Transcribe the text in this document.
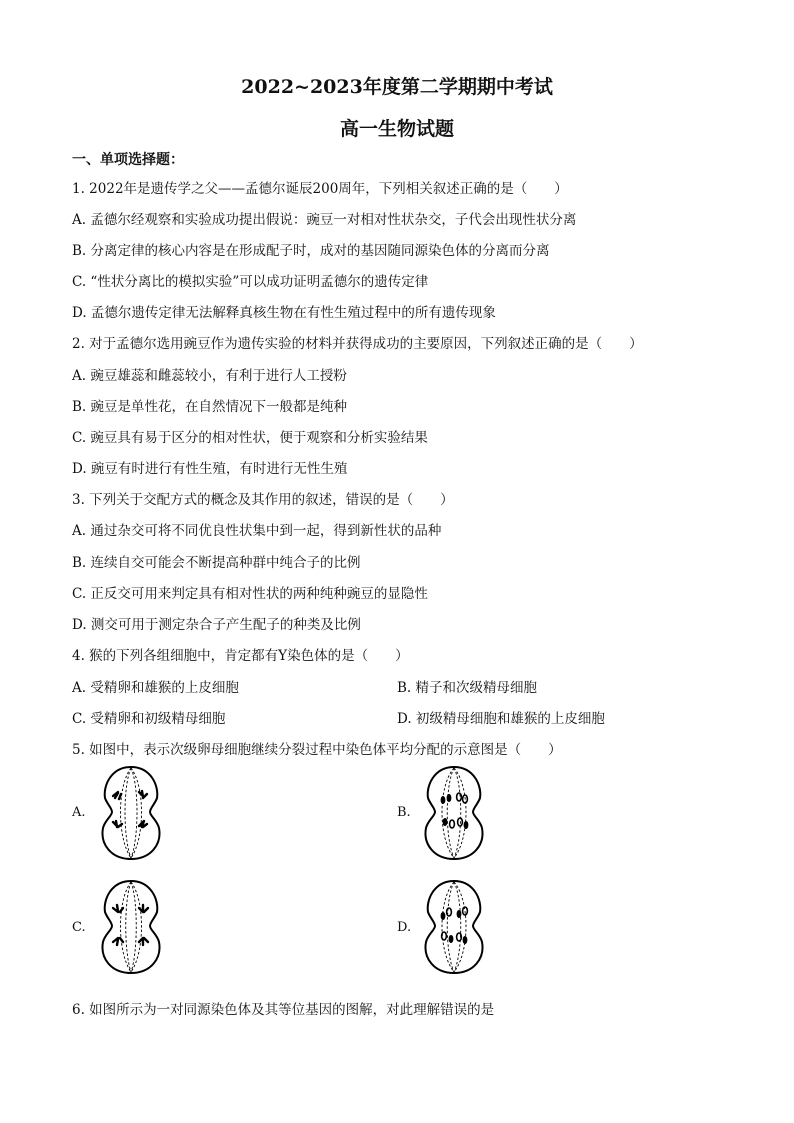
2022~2023年度第二学期期中考试
高一生物试题
一、单项选择题：
1. 2022年是遗传学之父——孟德尔诞辰200周年，下列相关叙述正确的是（　　）
A. 孟德尔经观察和实验成功提出假说：豌豆一对相对性状杂交，子代会出现性状分离
B. 分离定律的核心内容是在形成配子时，成对的基因随同源染色体的分离而分离
C. “性状分离比的模拟实验”可以成功证明孟德尔的遗传定律
D. 孟德尔遗传定律无法解释真核生物在有性生殖过程中的所有遗传现象
2. 对于孟德尔选用豌豆作为遗传实验的材料并获得成功的主要原因，下列叙述正确的是（　　）
A. 豌豆雄蕊和雌蕊较小，有利于进行人工授粉
B. 豌豆是单性花，在自然情况下一般都是纯种
C. 豌豆具有易于区分的相对性状，便于观察和分析实验结果
D. 豌豆有时进行有性生殖，有时进行无性生殖
3. 下列关于交配方式的概念及其作用的叙述，错误的是（　　）
A. 通过杂交可将不同优良性状集中到一起，得到新性状的品种
B. 连续自交可能会不断提高种群中纯合子的比例
C. 正反交可用来判定具有相对性状的两种纯种豌豆的显隐性
D. 测交可用于测定杂合子产生配子的种类及比例
4. 猴的下列各组细胞中，肯定都有Y染色体的是（　　）
A. 受精卵和雄猴的上皮细胞	B. 精子和次级精母细胞
C. 受精卵和初级精母细胞	D. 初级精母细胞和雄猴的上皮细胞
5. 如图中，表示次级卵母细胞继续分裂过程中染色体平均分配的示意图是（　　）
A.	B.
C.	D.
6. 如图所示为一对同源染色体及其等位基因的图解，对此理解错误的是
